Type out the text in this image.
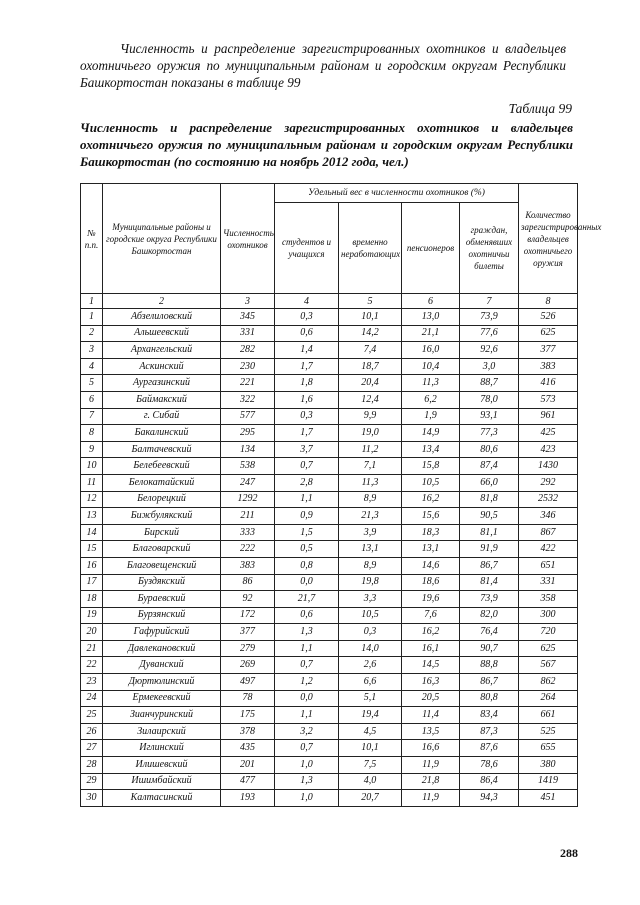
Численность и распределение зарегистрированных охотников и владельцев охотничьего оружия по муниципальным районам и городским округам Республики Башкортостан показаны в таблице 99
Таблица 99
Численность и распределение зарегистрированных охотников и владельцев охотничьего оружия по муниципальным районам и городским округам Республики Башкортостан (по состоянию на ноябрь 2012 года, чел.)
№ п.п.	Муниципальные районы и городские округа Республики Башкортостан	Численность охотников	Удельный вес в численности охотников (%)				Количество зарегистрированных владельцев охотничьего оружия
			студентов и учащихся	временно неработающих	пенсионеров	граждан, обменявших охотничьи билеты	
1	2	3	4	5	6	7	8
1	Абзелиловский	345	0,3	10,1	13,0	73,9	526
2	Альшеевский	331	0,6	14,2	21,1	77,6	625
3	Архангельский	282	1,4	7,4	16,0	92,6	377
4	Аскинский	230	1,7	18,7	10,4	3,0	383
5	Аургазинский	221	1,8	20,4	11,3	88,7	416
6	Баймакский	322	1,6	12,4	6,2	78,0	573
7	г. Сибай	577	0,3	9,9	1,9	93,1	961
8	Бакалинский	295	1,7	19,0	14,9	77,3	425
9	Балтачевский	134	3,7	11,2	13,4	80,6	423
10	Белебеевский	538	0,7	7,1	15,8	87,4	1430
11	Белокатайский	247	2,8	11,3	10,5	66,0	292
12	Белорецкий	1292	1,1	8,9	16,2	81,8	2532
13	Бижбулякский	211	0,9	21,3	15,6	90,5	346
14	Бирский	333	1,5	3,9	18,3	81,1	867
15	Благоварский	222	0,5	13,1	13,1	91,9	422
16	Благовещенский	383	0,8	8,9	14,6	86,7	651
17	Буздякский	86	0,0	19,8	18,6	81,4	331
18	Бураевский	92	21,7	3,3	19,6	73,9	358
19	Бурзянский	172	0,6	10,5	7,6	82,0	300
20	Гафурийский	377	1,3	0,3	16,2	76,4	720
21	Давлекановский	279	1,1	14,0	16,1	90,7	625
22	Дуванский	269	0,7	2,6	14,5	88,8	567
23	Дюртюлинский	497	1,2	6,6	16,3	86,7	862
24	Ермекеевский	78	0,0	5,1	20,5	80,8	264
25	Зианчуринский	175	1,1	19,4	11,4	83,4	661
26	Зилаирский	378	3,2	4,5	13,5	87,3	525
27	Иглинский	435	0,7	10,1	16,6	87,6	655
28	Илишевский	201	1,0	7,5	11,9	78,6	380
29	Ишимбайский	477	1,3	4,0	21,8	86,4	1419
30	Калтасинский	193	1,0	20,7	11,9	94,3	451
288
